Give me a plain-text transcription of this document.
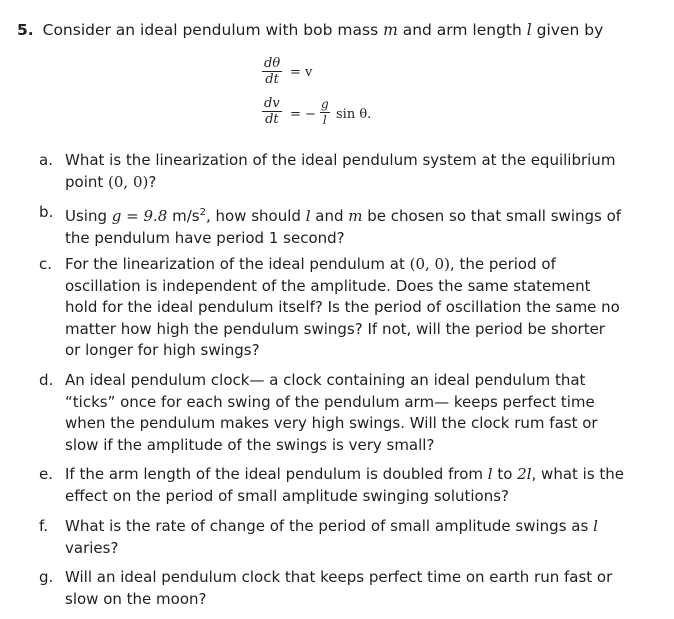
5. Consider an ideal pendulum with bob mass m and arm length l given by
$\frac{d\theta}{dt} = v$
$\frac{dv}{dt}$ = − $\frac{g}{l}$ sin θ.
a. What is the linearization of the ideal pendulum system at the equilibrium
point (0, 0)?
b. Using g = 9.8 $m/s^2$, how should l and m be chosen so that small swings of
the pendulum have period 1 second?
c. For the linearization of the ideal pendulum at (0, 0), the period of
oscillation is independent of the amplitude. Does the same statement
hold for the ideal pendulum itself? Is the period of oscillation the same no
matter how high the pendulum swings? If not, will the period be shorter
or longer for high swings?
d. An ideal pendulum clock— a clock containing an ideal pendulum that
“ticks” once for each swing of the pendulum arm— keeps perfect time
when the pendulum makes very high swings. Will the clock rum fast or
slow if the amplitude of the swings is very small?
e. If the arm length of the ideal pendulum is doubled from l to 2l, what is the
effect on the period of small amplitude swinging solutions?
f.	What is the rate of change of the period of small amplitude swings as l
varies?
g. Will an ideal pendulum clock that keeps perfect time on earth run fast or
slow on the moon?
